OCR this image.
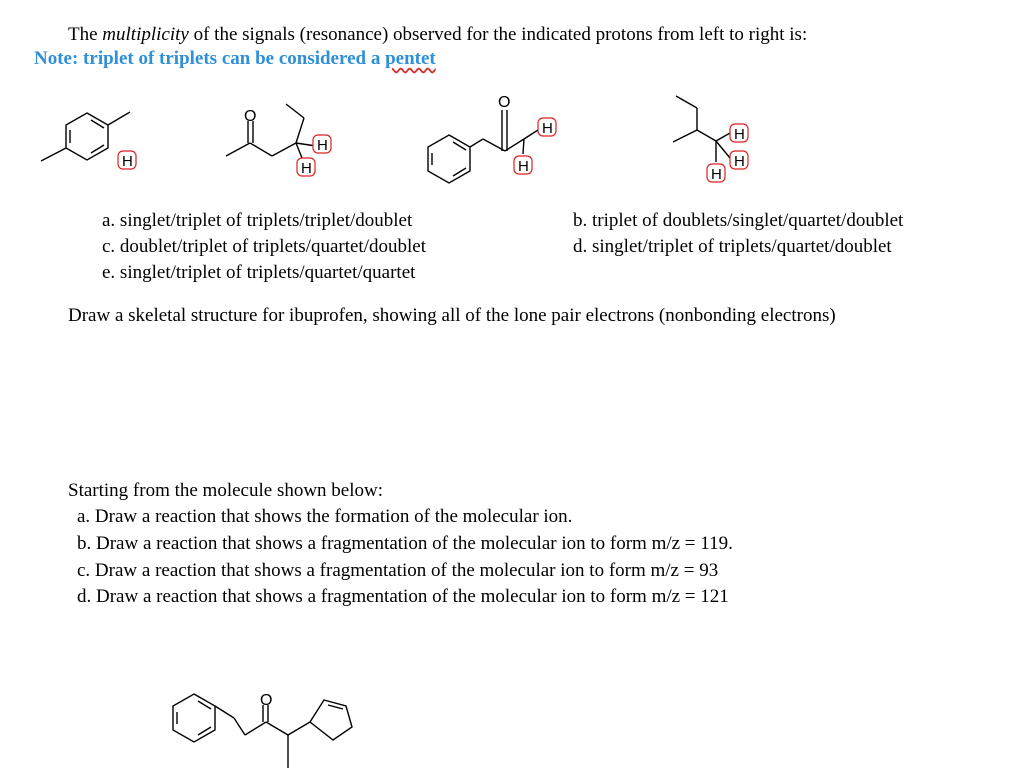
The multiplicity of the signals (resonance) observed for the indicated protons from left to right is:
Note: triplet of triplets can be considered a pentet
O
O
O
H
H
H
H
H
H
H
H
a. singlet/triplet of triplets/triplet/doublet	b. triplet of doublets/singlet/quartet/doublet
c. doublet/triplet of triplets/quartet/doublet	d. singlet/triplet of triplets/quartet/doublet
e. singlet/triplet of triplets/quartet/quartet
Draw a skeletal structure for ibuprofen, showing all of the lone pair electrons (nonbonding electrons)
Starting from the molecule shown below:
a. Draw a reaction that shows the formation of the molecular ion.
b. Draw a reaction that shows a fragmentation of the molecular ion to form m/z = 119.
c. Draw a reaction that shows a fragmentation of the molecular ion to form m/z = 93
d. Draw a reaction that shows a fragmentation of the molecular ion to form m/z = 121
